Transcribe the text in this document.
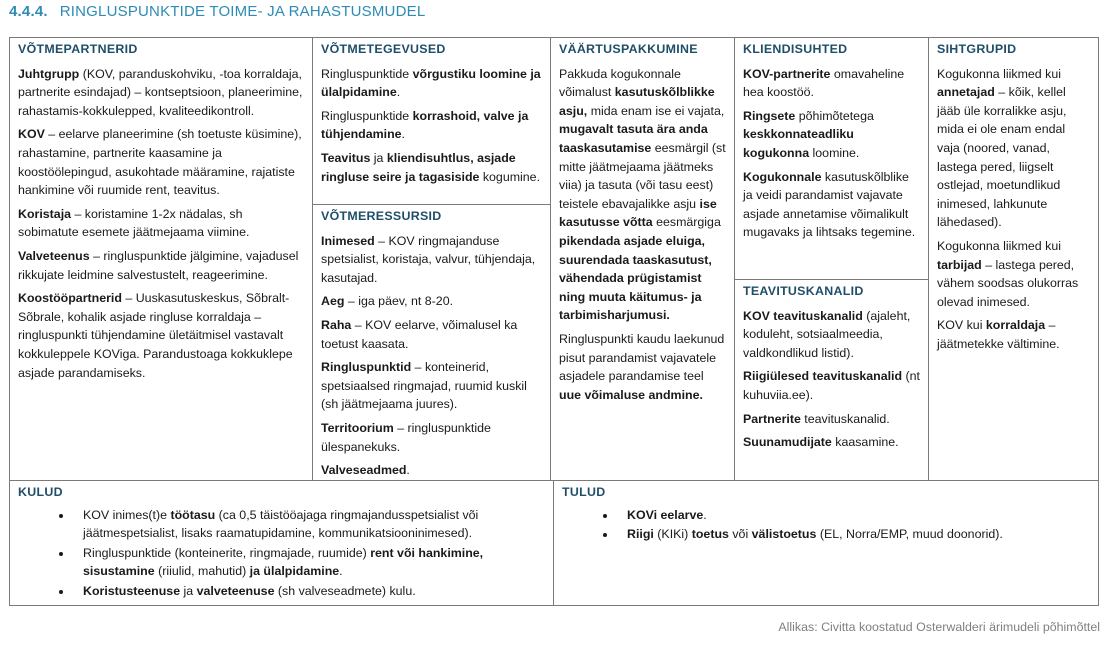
4.4.4. RINGLUSPUNKTIDE TOIME- JA RAHASTUSMUDEL
VÕTMEPARTNERID

Juhtgrupp (KOV, paranduskohviku, -toa korraldaja, partnerite esindajad) – kontseptsioon, planeerimine, rahastamis-kokkulepped, kvaliteedikontroll.

KOV – eelarve planeerimine (sh toetuste küsimine), rahastamine, partnerite kaasamine ja koostöölepingud, asukohtade määramine, rajatiste hankimine või ruumide rent, teavitus.

Koristaja – koristamine 1-2x nädalas, sh sobimatute esemete jäätmejaama viimine.

Valveteenus – ringluspunktide jälgimine, vajadusel rikkujate leidmine salvestustelt, reageerimine.

Koostööpartnerid – Uuskasutuskeskus, Sõbralt-Sõbrale, kohalik asjade ringluse korraldaja – ringluspunkti tühjendamine ületäitmisel vastavalt kokkuleppele KOViga. Parandustoaga kokkuklepe asjade parandamiseks.

VÕTMETEGEVUSED

Ringluspunktide võrgustiku loomine ja ülalpidamine.

Ringluspunktide korrashoid, valve ja tühjendamine.

Teavitus ja kliendisuhtlus, asjade ringluse seire ja tagasiside kogumine.

VÕTMERESSURSID

Inimesed – KOV ringmajanduse spetsialist, koristaja, valvur, tühjendaja, kasutajad.

Aeg – iga päev, nt 8-20.

Raha – KOV eelarve, võimalusel ka toetust kaasata.

Ringluspunktid – konteinerid, spetsiaalsed ringmajad, ruumid kuskil (sh jäätmejaama juures).

Territoorium – ringluspunktide ülespanekuks.

Valveseadmed.

VÄÄRTUSPAKKUMINE

Pakkuda kogukonnale võimalust kasutuskõlblikke asju, mida enam ise ei vajata, mugavalt tasuta ära anda taaskasutamise eesmärgil (st mitte jäätmejaama jäätmeks viia) ja tasuta (või tasu eest) teistele ebavajalikke asju ise kasutusse võtta eesmärgiga pikendada asjade eluiga, suurendada taaskasutust, vähendada prügistamist ning muuta käitumus- ja tarbimisharjumusi.

Ringluspunkti kaudu laekunud pisut parandamist vajavatele asjadele parandamise teel uue võimaluse andmine.

KLIENDISUHTED

KOV-partnerite omavaheline hea koostöö.

Ringsete põhimõtetega keskkonnateadliku kogukonna loomine.

Kogukonnale kasutuskõlblike ja veidi parandamist vajavate asjade annetamise võimalikult mugavaks ja lihtsaks tegemine.

TEAVITUSKANALID

KOV teavituskanalid (ajaleht, koduleht, sotsiaalmeedia, valdkondlikud listid).

Riigiülesed teavituskanalid (nt kuhuviia.ee).

Partnerite teavituskanalid.

Suunamudijate kaasamine.

SIHTGRUPID

Kogukonna liikmed kui annetajad – kõik, kellel jääb üle korralikke asju, mida ei ole enam endal vaja (noored, vanad, lastega pered, liigselt ostlejad, moetundlikud inimesed, lahkunute lähedased).

Kogukonna liikmed kui tarbijad – lastega pered, vähem soodsas olukorras olevad inimesed.

KOV kui korraldaja – jäätmetekke vältimine.

KULUD
• KOV inimes(t)e töötasu (ca 0,5 täistööajaga ringmajandusspetsialist või jäätmespetsialist, lisaks raamatupidamine, kommunikatsiooninimesed).
• Ringluspunktide (konteinerite, ringmajade, ruumide) rent või hankimine, sisustamine (riiulid, mahutid) ja ülalpidamine.
• Koristusteenuse ja valveteenuse (sh valveseadmete) kulu.
TULUD
• KOVi eelarve.
• Riigi (KIKi) toetus või välistoetus (EL, Norra/EMP, muud doonorid).
Allikas: Civitta koostatud Osterwalderi ärimudeli põhimõttel
